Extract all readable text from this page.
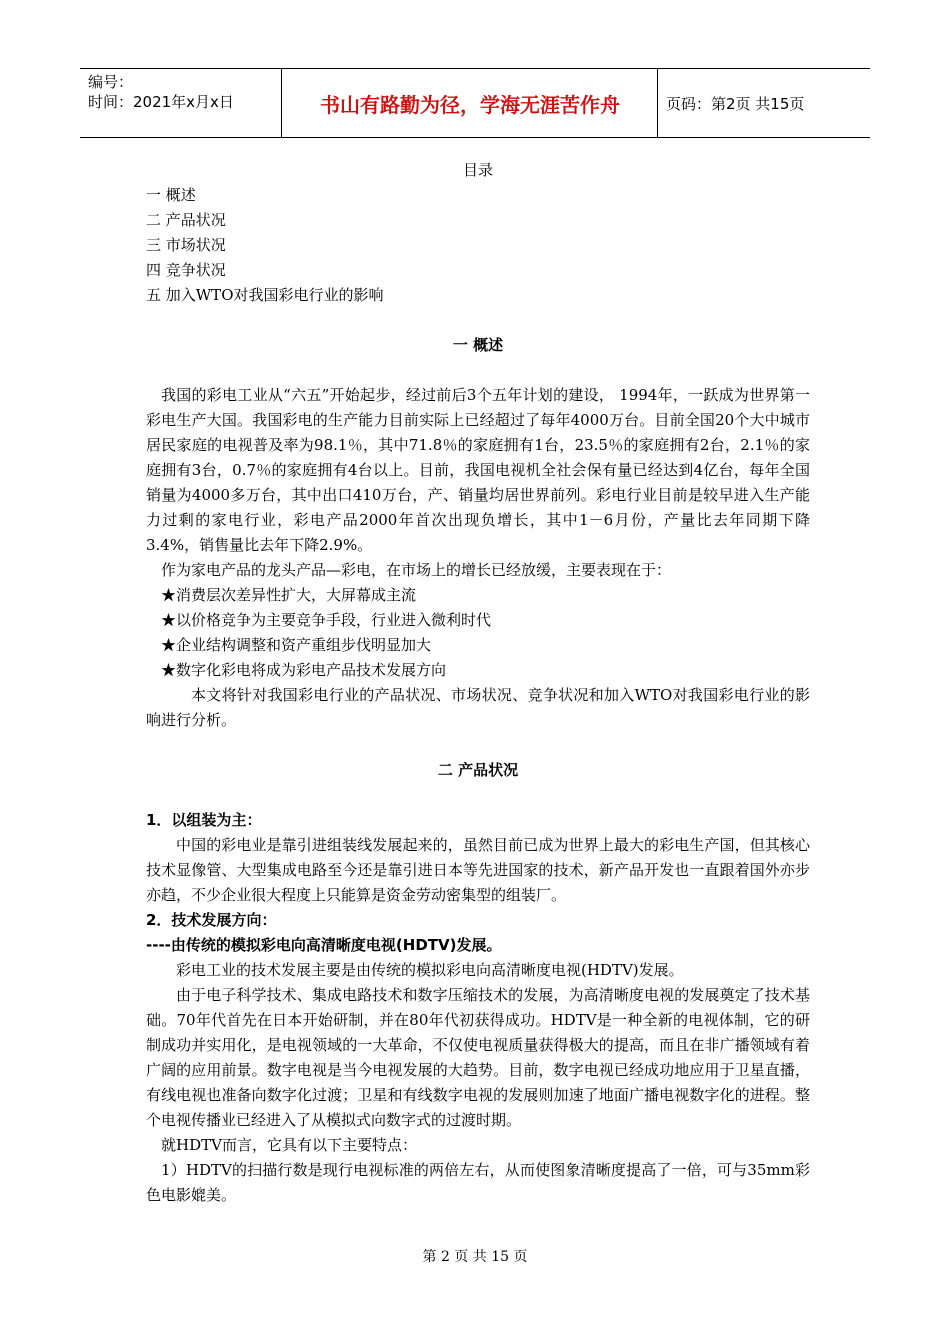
编号：
时间：2021年x月x日	书山有路勤为径，学海无涯苦作舟	页码：第2页 共15页
目录
一 概述
二 产品状况
三 市场状况
四 竞争状况
五 加入WTO对我国彩电行业的影响
一 概述

我国的彩电工业从“六五”开始起步，经过前后3个五年计划的建设， 1994年，一跃成为世界第一彩电生产大国。我国彩电的生产能力目前实际上已经超过了每年4000万台。目前全国20个大中城市居民家庭的电视普及率为98.1％，其中71.8％的家庭拥有1台，23.5％的家庭拥有2台，2.1％的家庭拥有3台，0.7％的家庭拥有4台以上。目前，我国电视机全社会保有量已经达到4亿台，每年全国销量为4000多万台，其中出口410万台，产、销量均居世界前列。彩电行业目前是较早进入生产能力过剩的家电行业，彩电产品2000年首次出现负增长，其中1－6月份，产量比去年同期下降3.4%，销售量比去年下降2.9%。

作为家电产品的龙头产品—彩电，在市场上的增长已经放缓，主要表现在于：

★消费层次差异性扩大，大屏幕成主流
★以价格竞争为主要竞争手段，行业进入微利时代
★企业结构调整和资产重组步伐明显加大
★数字化彩电将成为彩电产品技术发展方向

本文将针对我国彩电行业的产品状况、市场状况、竞争状况和加入WTO对我国彩电行业的影响进行分析。

二 产品状况
1．以组装为主：

中国的彩电业是靠引进组装线发展起来的，虽然目前已成为世界上最大的彩电生产国，但其核心技术显像管、大型集成电路至今还是靠引进日本等先进国家的技术，新产品开发也一直跟着国外亦步亦趋，不少企业很大程度上只能算是资金劳动密集型的组装厂。

2．技术发展方向：
----由传统的模拟彩电向高清晰度电视(HDTV)发展。

彩电工业的技术发展主要是由传统的模拟彩电向高清晰度电视(HDTV)发展。

由于电子科学技术、集成电路技术和数字压缩技术的发展，为高清晰度电视的发展奠定了技术基础。70年代首先在日本开始研制，并在80年代初获得成功。HDTV是一种全新的电视体制，它的研制成功并实用化，是电视领域的一大革命，不仅使电视质量获得极大的提高，而且在非广播领域有着广阔的应用前景。数字电视是当今电视发展的大趋势。目前，数字电视已经成功地应用于卫星直播，有线电视也准备向数字化过渡；卫星和有线数字电视的发展则加速了地面广播电视数字化的进程。整个电视传播业已经进入了从模拟式向数字式的过渡时期。

就HDTV而言，它具有以下主要特点：

1）HDTV的扫描行数是现行电视标准的两倍左右，从而使图象清晰度提高了一倍，可与35mm彩色电影媲美。

第 2 页 共 15 页
